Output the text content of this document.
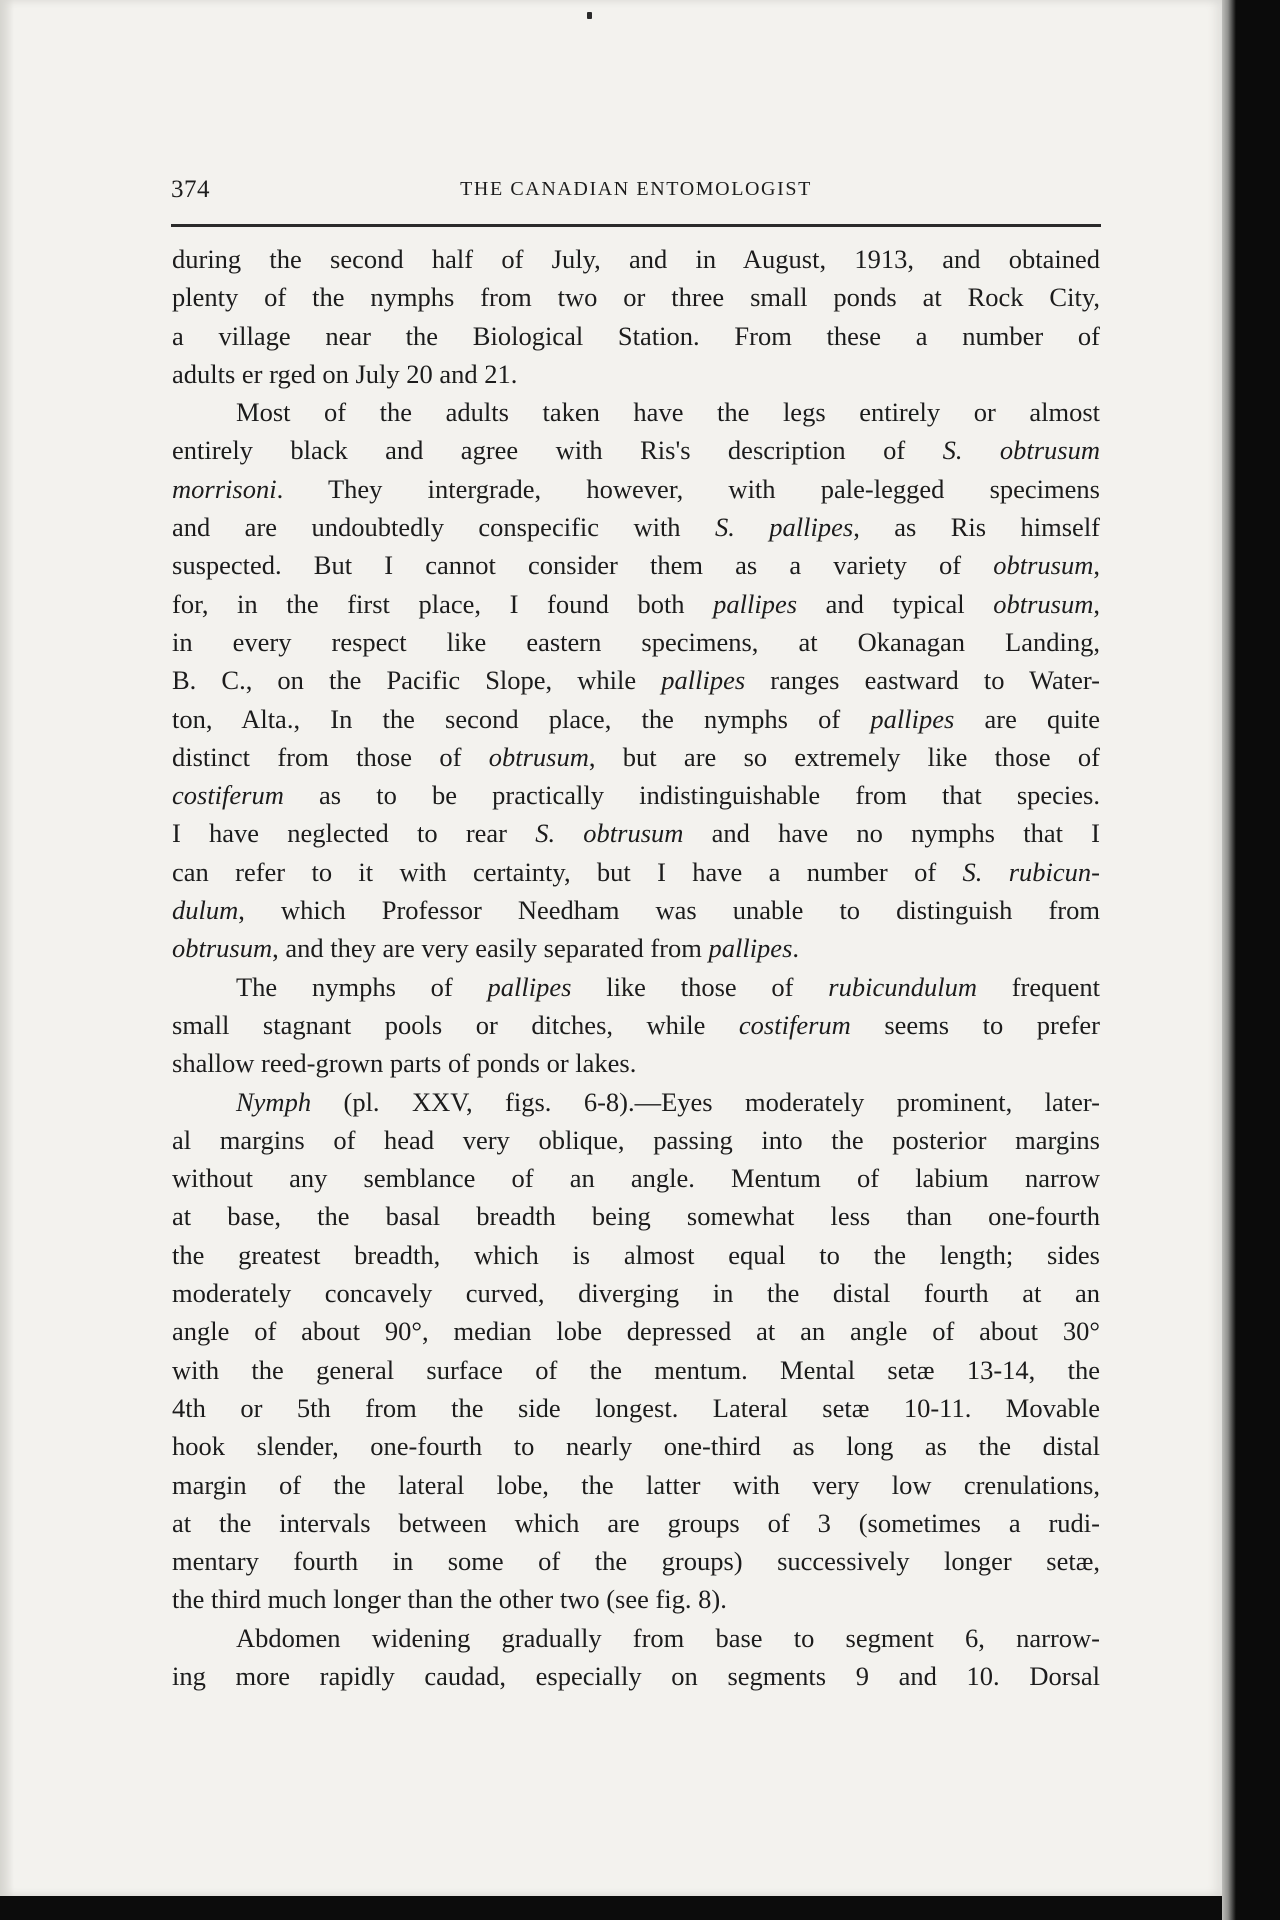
374	THE CANADIAN ENTOMOLOGIST
during the second half of July, and in August, 1913, and obtained
plenty of the nymphs from two or three small ponds at Rock City,
a village near the Biological Station. From these a number of
adults er rged on July 20 and 21.
Most of the adults taken have the legs entirely or almost
entirely black and agree with Ris's description of S. obtrusum
morrisoni. They intergrade, however, with pale-legged specimens
and are undoubtedly conspecific with S. pallipes, as Ris himself
suspected. But I cannot consider them as a variety of obtrusum,
for, in the first place, I found both pallipes and typical obtrusum,
in every respect like eastern specimens, at Okanagan Landing,
B. C., on the Pacific Slope, while pallipes ranges eastward to Water-
ton, Alta., In the second place, the nymphs of pallipes are quite
distinct from those of obtrusum, but are so extremely like those of
costiferum as to be practically indistinguishable from that species.
I have neglected to rear S. obtrusum and have no nymphs that I
can refer to it with certainty, but I have a number of S. rubicun-
dulum, which Professor Needham was unable to distinguish from
obtrusum, and they are very easily separated from pallipes.
The nymphs of pallipes like those of rubicundulum frequent
small stagnant pools or ditches, while costiferum seems to prefer
shallow reed-grown parts of ponds or lakes.
Nymph (pl. XXV, figs. 6-8).—Eyes moderately prominent, later-
al margins of head very oblique, passing into the posterior margins
without any semblance of an angle. Mentum of labium narrow
at base, the basal breadth being somewhat less than one-fourth
the greatest breadth, which is almost equal to the length; sides
moderately concavely curved, diverging in the distal fourth at an
angle of about 90°, median lobe depressed at an angle of about 30°
with the general surface of the mentum. Mental setæ 13-14, the
4th or 5th from the side longest. Lateral setæ 10-11. Movable
hook slender, one-fourth to nearly one-third as long as the distal
margin of the lateral lobe, the latter with very low crenulations,
at the intervals between which are groups of 3 (sometimes a rudi-
mentary fourth in some of the groups) successively longer setæ,
the third much longer than the other two (see fig. 8).
Abdomen widening gradually from base to segment 6, narrow-
ing more rapidly caudad, especially on segments 9 and 10. Dorsal
